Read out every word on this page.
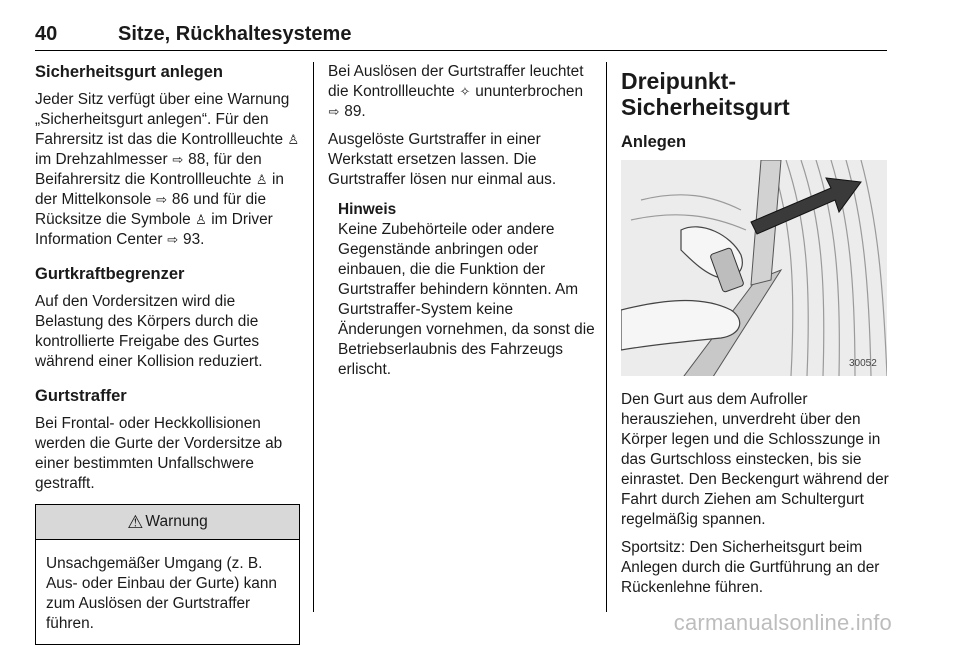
40	Sitze, Rückhaltesysteme
Sicherheitsgurt anlegen
Jeder Sitz verfügt über eine Warnung „Sicherheitsgurt anlegen“. Für den Fahrersitz ist das die Kontrollleuchte ♙ im Drehzahlmesser ⇨ 88, für den Beifahrersitz die Kontrollleuchte ♙ in der Mittelkonsole ⇨ 86 und für die Rücksitze die Symbole ♙ im Driver Information Center ⇨ 93.
Gurtkraftbegrenzer
Auf den Vordersitzen wird die Belastung des Körpers durch die kontrollierte Freigabe des Gurtes während einer Kollision reduziert.
Gurtstraffer
Bei Frontal- oder Heckkollisionen werden die Gurte der Vordersitze ab einer bestimmten Unfallschwere gestrafft.
⚠ Warnung
Unsachgemäßer Umgang (z. B. Aus- oder Einbau der Gurte) kann zum Auslösen der Gurtstraffer führen.
Bei Auslösen der Gurtstraffer leuchtet die Kontrollleuchte ✧ ununterbrochen ⇨ 89.
Ausgelöste Gurtstraffer in einer Werkstatt ersetzen lassen. Die Gurtstraffer lösen nur einmal aus.
Hinweis
Keine Zubehörteile oder andere Gegenstände anbringen oder einbauen, die die Funktion der Gurtstraffer behindern könnten. Am Gurtstraffer-System keine Änderungen vornehmen, da sonst die Betriebserlaubnis des Fahrzeugs erlischt.
Dreipunkt-Sicherheitsgurt
Anlegen
30052
Den Gurt aus dem Aufroller herausziehen, unverdreht über den Körper legen und die Schlosszunge in das Gurtschloss einstecken, bis sie einrastet. Den Beckengurt während der Fahrt durch Ziehen am Schultergurt regelmäßig spannen.
Sportsitz: Den Sicherheitsgurt beim Anlegen durch die Gurtführung an der Rückenlehne führen.
carmanualsonline.info
